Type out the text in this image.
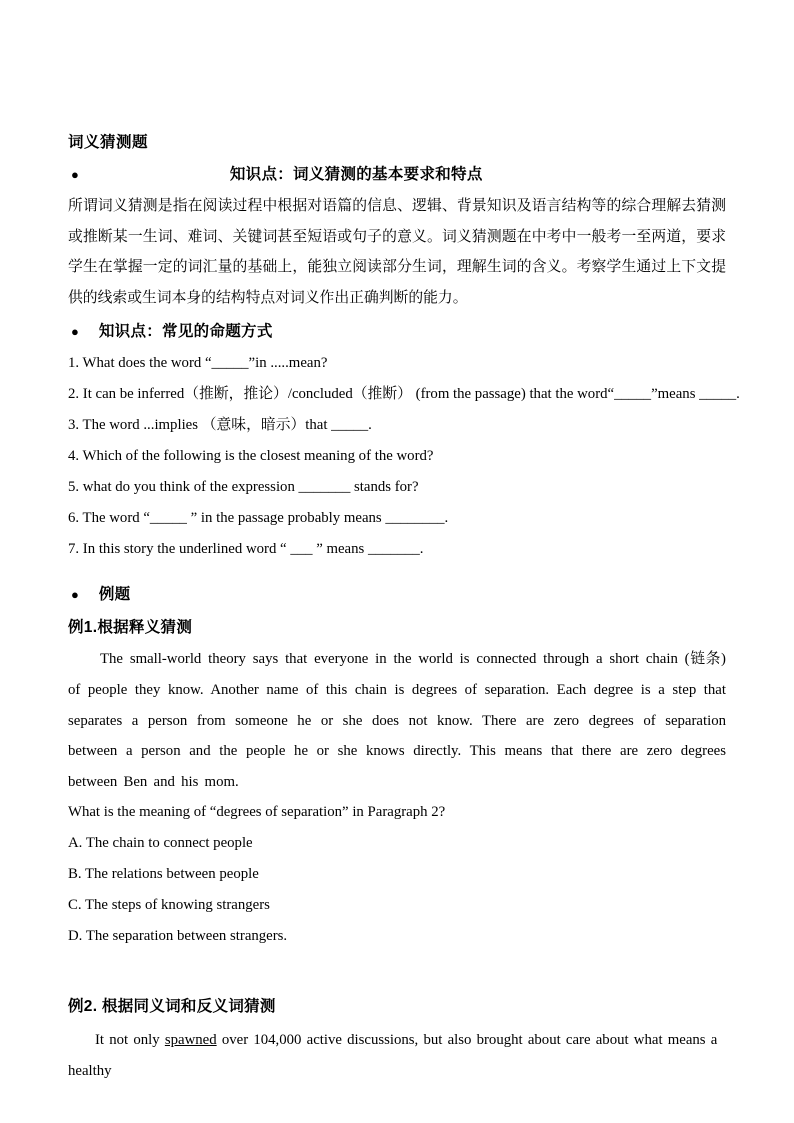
词义猜测题
●	知识点：词义猜测的基本要求和特点
所谓词义猜测是指在阅读过程中根据对语篇的信息、逻辑、背景知识及语言结构等的综合理解去猜测或推断某一生词、难词、关键词甚至短语或句子的意义。词义猜测题在中考中一般考一至两道，要求学生在掌握一定的词汇量的基础上，能独立阅读部分生词，理解生词的含义。考察学生通过上下文提供的线索或生词本身的结构特点对词义作出正确判断的能力。
● 知识点：常见的命题方式
1. What does the word “_____”in .....mean?
2. It can be inferred（推断，推论）/concluded（推断） (from the passage) that the word“_____”means _____.
3. The word ...implies （意味，暗示）that _____.
4. Which of the following is the closest meaning of the word?
5. what do you think of the expression _______ stands for?
6. The word “_____ ” in the passage probably means ________.
7. In this story the underlined word “ ___ ” means _______.
● 例题
例1.根据释义猜测
The small-world theory says that everyone in the world is connected through a short chain (链条) of people they know. Another name of this chain is degrees of separation. Each degree is a step that separates a person from someone he or she does not know. There are zero degrees of separation between a person and the people he or she knows directly. This means that there are zero degrees between Ben and his mom.
What is the meaning of “degrees of separation” in Paragraph 2?
A. The chain to connect people
B. The relations between people
C. The steps of knowing strangers
D. The separation between strangers.
例2. 根据同义词和反义词猜测
It not only spawned over 104,000 active discussions, but also brought about care about what means a healthy
